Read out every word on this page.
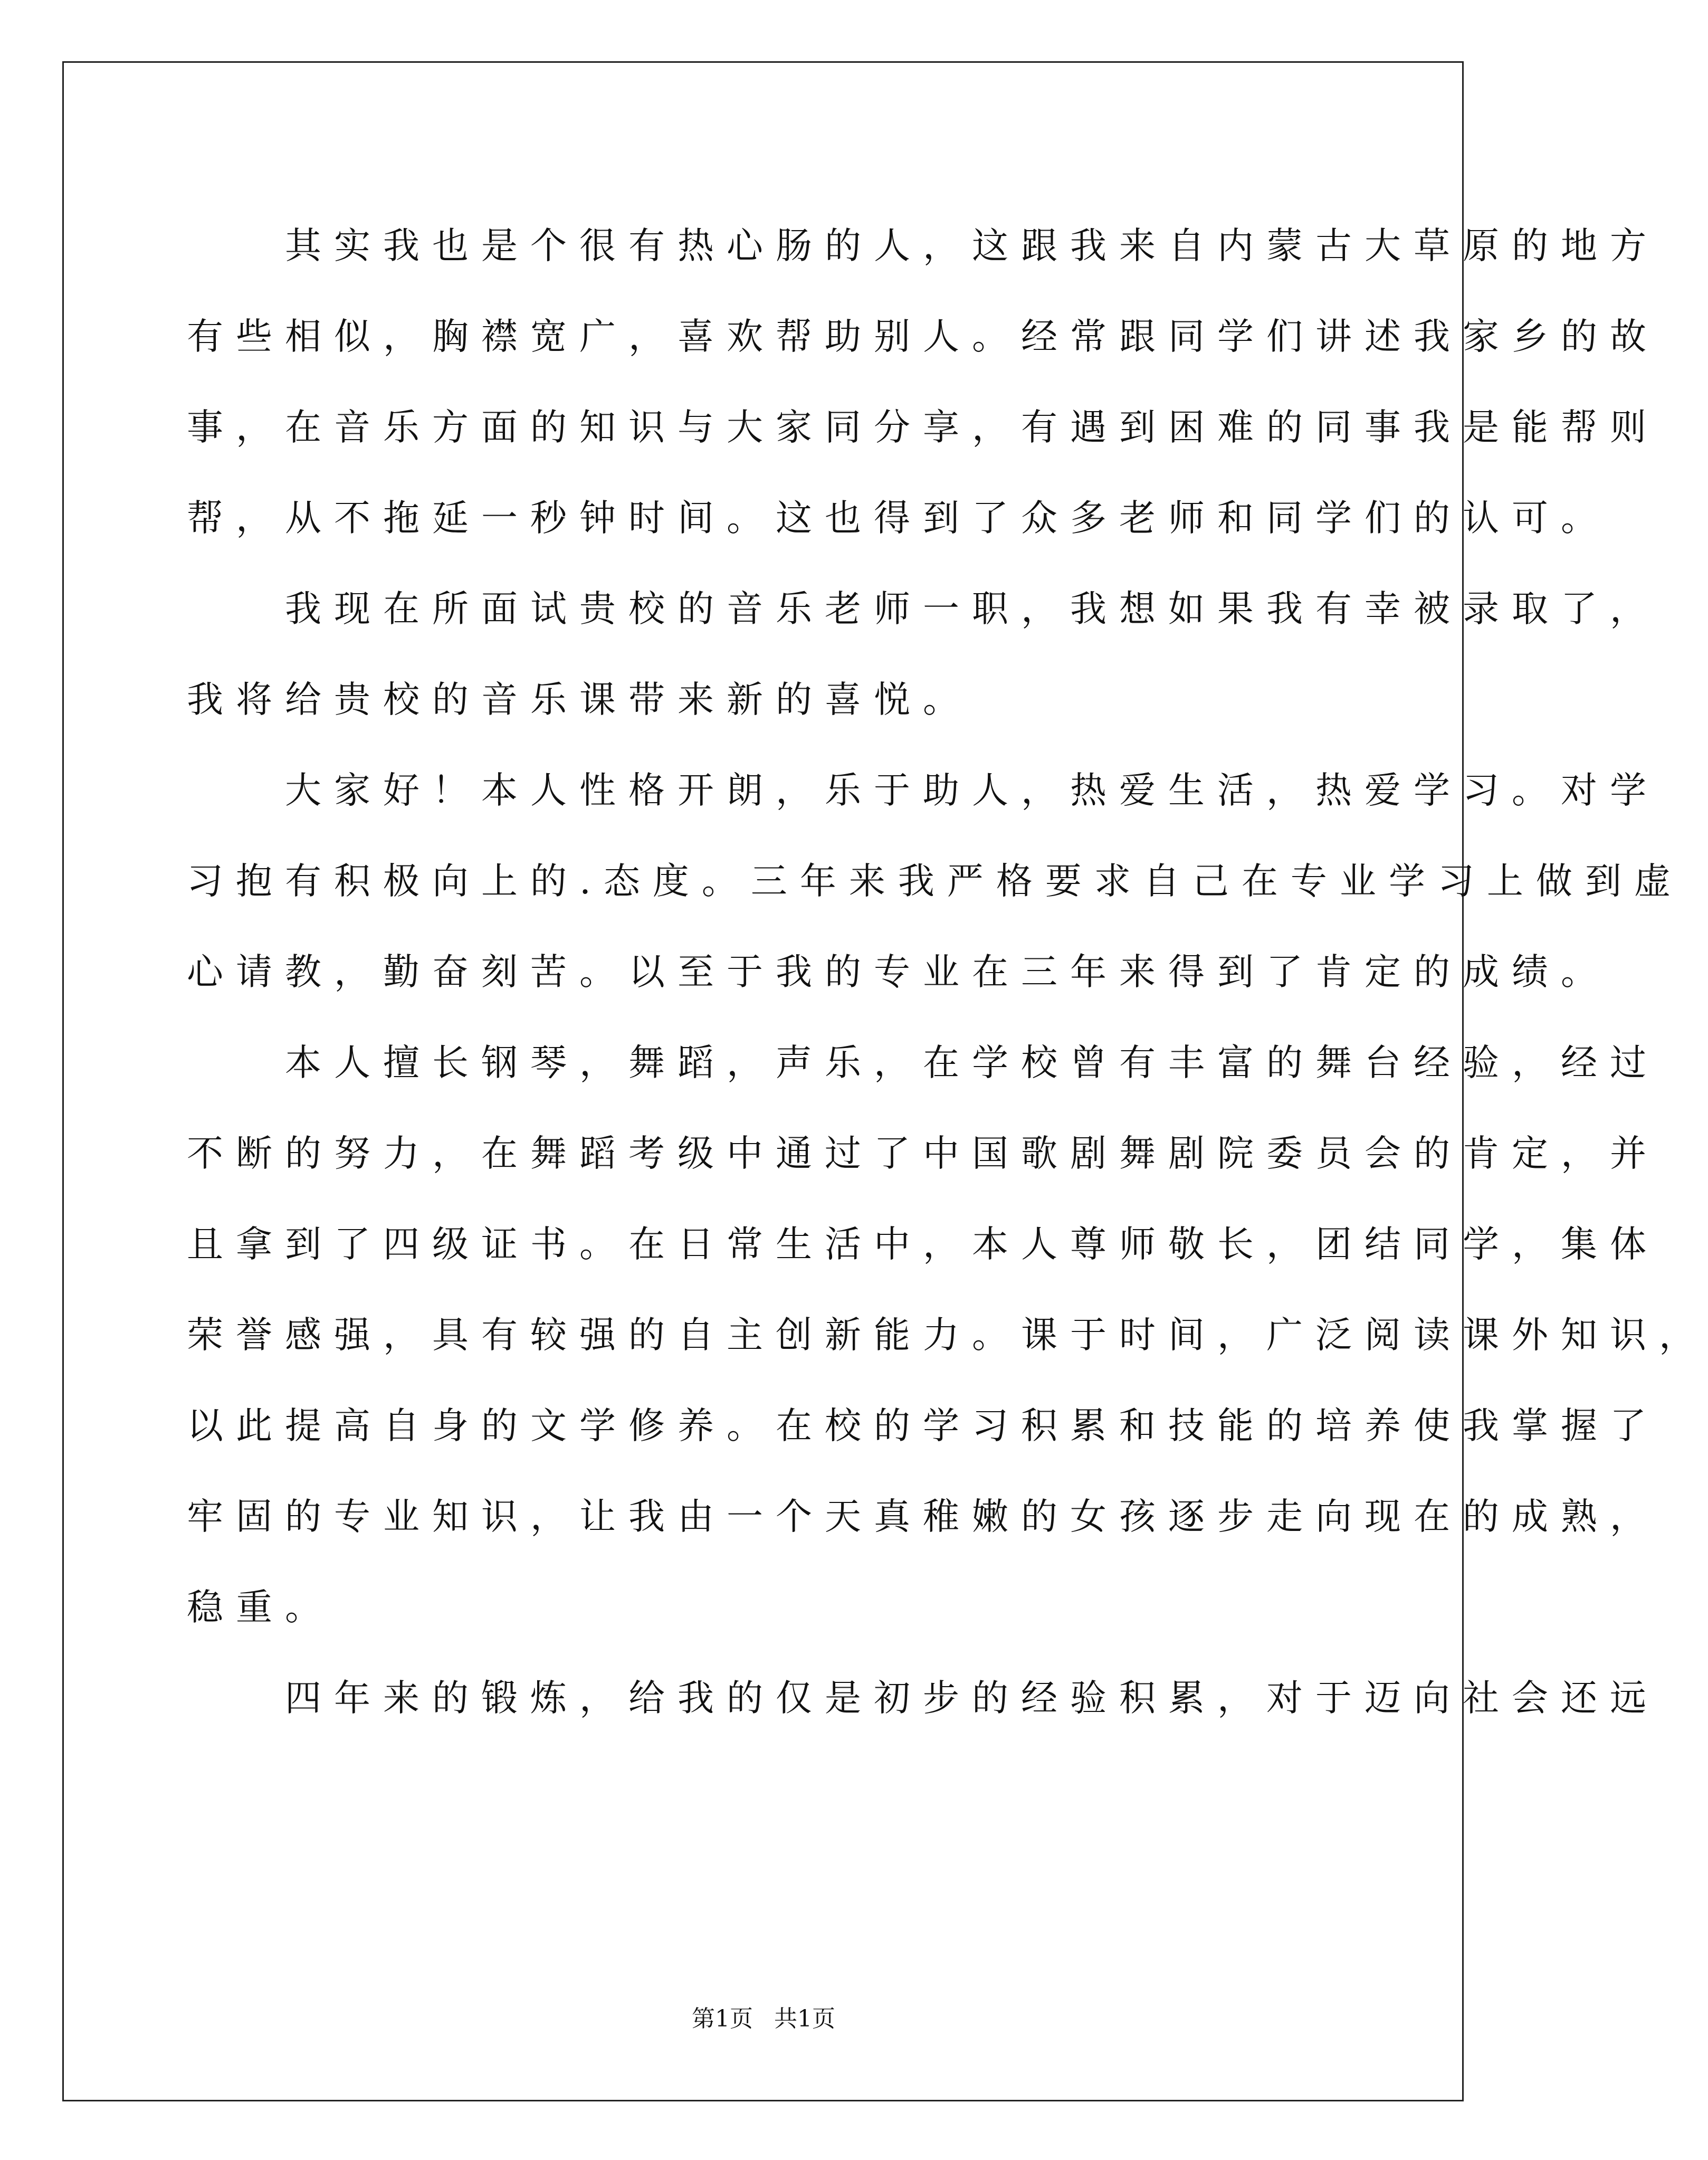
　　其实我也是个很有热心肠的人，这跟我来自内蒙古大草原的地方
有些相似，胸襟宽广，喜欢帮助别人。经常跟同学们讲述我家乡的故
事，在音乐方面的知识与大家同分享，有遇到困难的同事我是能帮则
帮，从不拖延一秒钟时间。这也得到了众多老师和同学们的认可。
　　我现在所面试贵校的音乐老师一职，我想如果我有幸被录取了，
我将给贵校的音乐课带来新的喜悦。
　　大家好！本人性格开朗，乐于助人，热爱生活，热爱学习。对学
习抱有积极向上的.态度。三年来我严格要求自己在专业学习上做到虚
心请教，勤奋刻苦。以至于我的专业在三年来得到了肯定的成绩。
　　本人擅长钢琴，舞蹈，声乐，在学校曾有丰富的舞台经验，经过
不断的努力，在舞蹈考级中通过了中国歌剧舞剧院委员会的肯定，并
且拿到了四级证书。在日常生活中，本人尊师敬长，团结同学，集体
荣誉感强，具有较强的自主创新能力。课于时间，广泛阅读课外知识，
以此提高自身的文学修养。在校的学习积累和技能的培养使我掌握了
牢固的专业知识，让我由一个天真稚嫩的女孩逐步走向现在的成熟，
稳重。
　　四年来的锻炼，给我的仅是初步的经验积累，对于迈向社会还远
第1页 共1页
